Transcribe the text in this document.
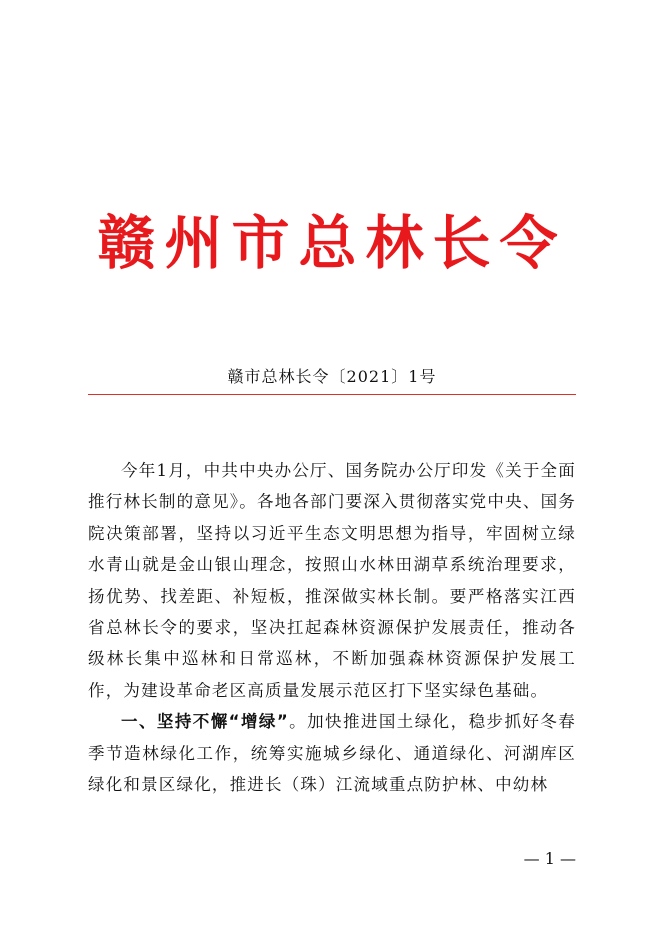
赣州市总林长令
赣市总林长令〔2021〕1号

今年1月，中共中央办公厅、国务院办公厅印发《关于全面推行林长制的意见》。各地各部门要深入贯彻落实党中央、国务院决策部署，坚持以习近平生态文明思想为指导，牢固树立绿水青山就是金山银山理念，按照山水林田湖草系统治理要求，扬优势、找差距、补短板，推深做实林长制。要严格落实江西省总林长令的要求，坚决扛起森林资源保护发展责任，推动各级林长集中巡林和日常巡林，不断加强森林资源保护发展工作，为建设革命老区高质量发展示范区打下坚实绿色基础。

一、坚持不懈“增绿”。加快推进国土绿化，稳步抓好冬春季节造林绿化工作，统筹实施城乡绿化、通道绿化、河湖库区绿化和景区绿化，推进长（珠）江流域重点防护林、中幼林

— 1 —
